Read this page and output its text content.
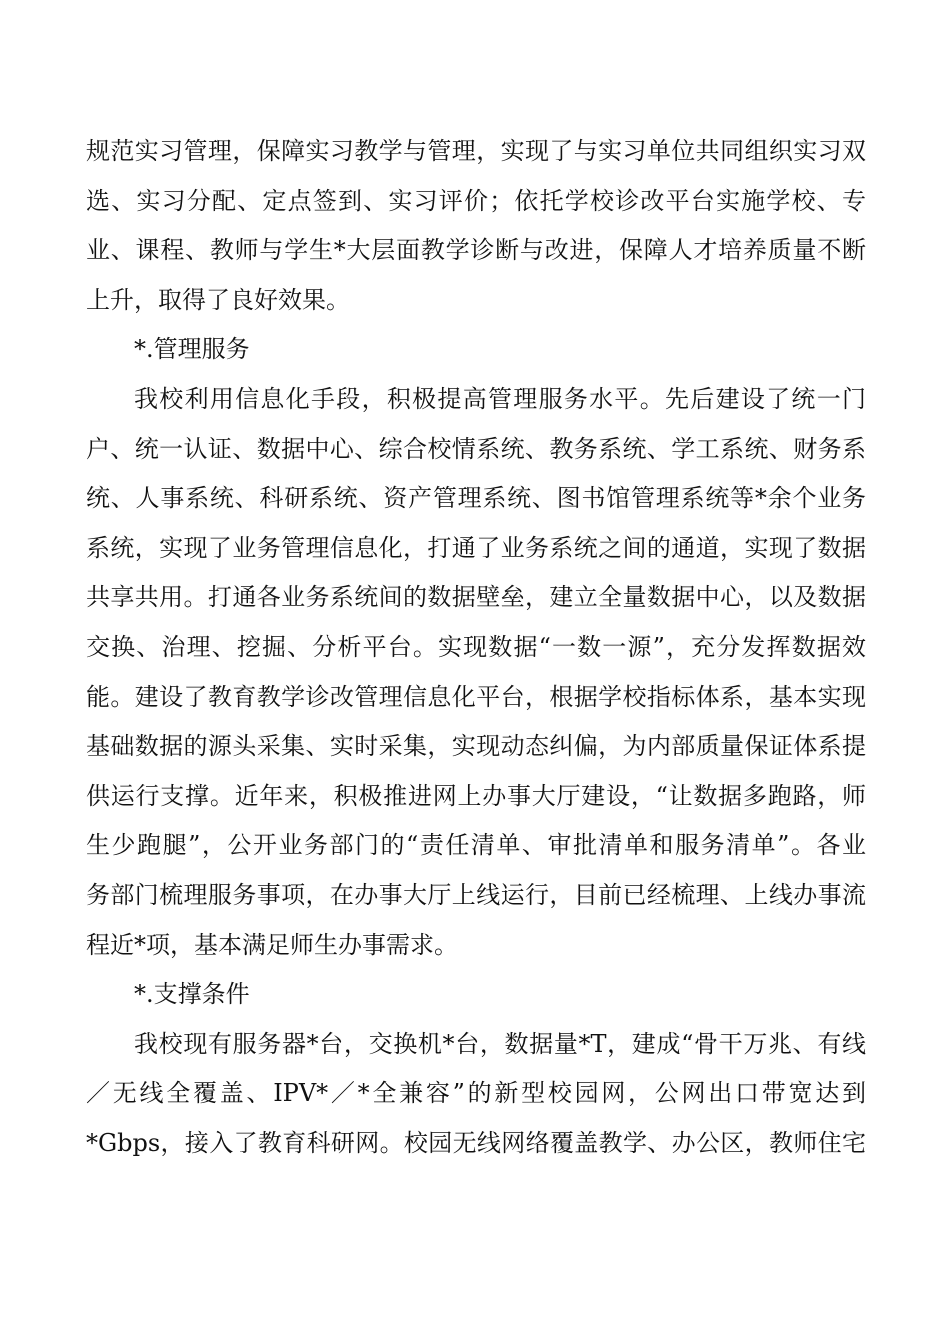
规范实习管理，保障实习教学与管理，实现了与实习单位共同组织实习双
选、实习分配、定点签到、实习评价；依托学校诊改平台实施学校、专
业、课程、教师与学生*大层面教学诊断与改进，保障人才培养质量不断
上升，取得了良好效果。

*.管理服务

我校利用信息化手段，积极提高管理服务水平。先后建设了统一门
户、统一认证、数据中心、综合校情系统、教务系统、学工系统、财务系
统、人事系统、科研系统、资产管理系统、图书馆管理系统等*余个业务
系统，实现了业务管理信息化，打通了业务系统之间的通道，实现了数据
共享共用。打通各业务系统间的数据壁垒，建立全量数据中心，以及数据
交换、治理、挖掘、分析平台。实现数据“一数一源”，充分发挥数据效
能。建设了教育教学诊改管理信息化平台，根据学校指标体系，基本实现
基础数据的源头采集、实时采集，实现动态纠偏，为内部质量保证体系提
供运行支撑。近年来，积极推进网上办事大厅建设，“让数据多跑路，师
生少跑腿”，公开业务部门的“责任清单、审批清单和服务清单”。各业
务部门梳理服务事项，在办事大厅上线运行，目前已经梳理、上线办事流
程近*项，基本满足师生办事需求。

*.支撑条件

我校现有服务器*台，交换机*台，数据量*T，建成“骨干万兆、有线
／无线全覆盖、IPV*／*全兼容”的新型校园网，公网出口带宽达到
*Gbps，接入了教育科研网。校园无线网络覆盖教学、办公区，教师住宅
